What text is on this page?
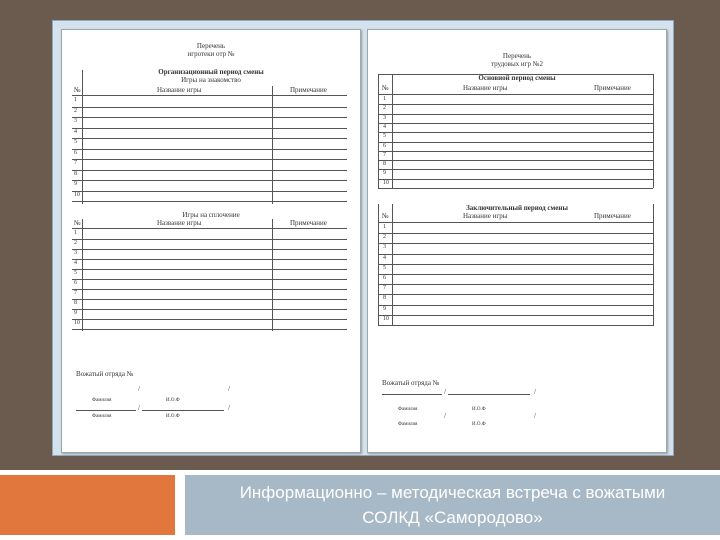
Перечень
игротеки отр №
Организационный период смены
Игры на знакомство
№	Название игры	Примечание
1
2
3
4
5
6
7
8
9
10
Игры на сплочение
№	Название игры	Примечание
1
2
3
4
5
6
7
8
9
10
Вожатый отряда №
/	/
Фамилия	И.О.Ф
/	/
Фамилия	И.О.Ф
Перечень
трудовых игр №2
Основной период смены
№	Название игры	Примечание
1
2
3
4
5
6
7
8
9
10
Заключительный период смены
№	Название игры	Примечание
1
2
3
4
5
6
7
8
9
10
Вожатый отряда №
/	/
Фамилия	И.О.Ф
/	/
Фамилия	И.О.Ф
Информационно – методическая встреча с вожатыми
СОЛКД «Самородово»
